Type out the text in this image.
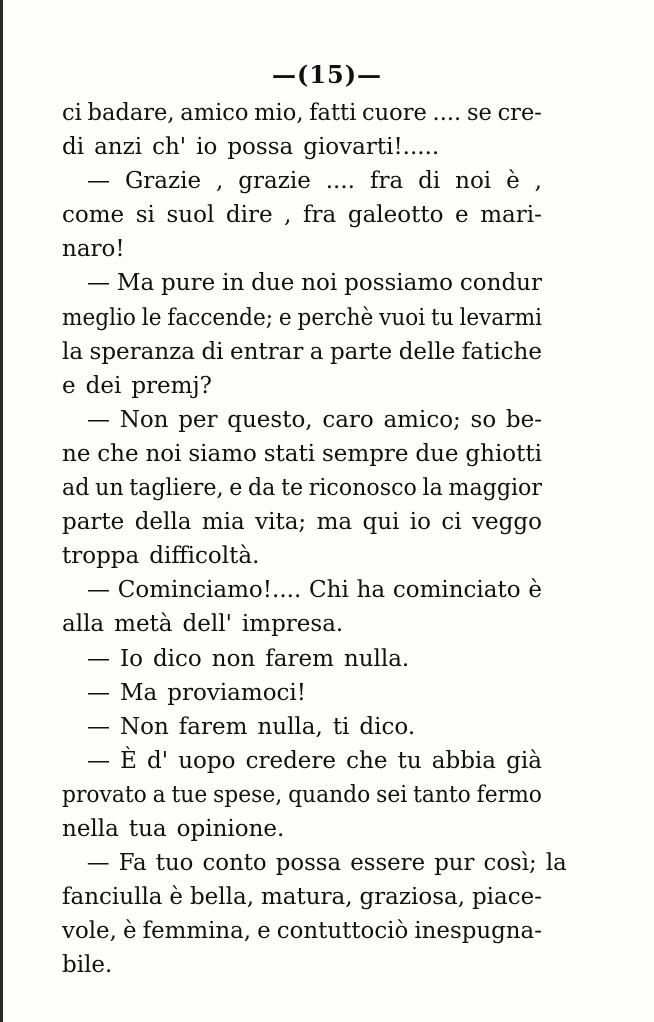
—(15)—
ci badare, amico mio, fatti cuore .... se cre-
di anzi ch' io possa giovarti!.....
— Grazie , grazie .... fra di noi è ,
come si suol dire , fra galeotto e mari-
naro!
— Ma pure in due noi possiamo condur
meglio le faccende; e perchè vuoi tu levarmi
la speranza di entrar a parte delle fatiche
e dei premj?
— Non per questo, caro amico; so be-
ne che noi siamo stati sempre due ghiotti
ad un tagliere, e da te riconosco la maggior
parte della mia vita; ma qui io ci veggo
troppa difficoltà.
— Cominciamo!.... Chi ha cominciato è
alla metà dell' impresa.
— Io dico non farem nulla.
— Ma proviamoci!
— Non farem nulla, ti dico.
— È d' uopo credere che tu abbia già
provato a tue spese, quando sei tanto fermo
nella tua opinione.
— Fa tuo conto possa essere pur così; la
fanciulla è bella, matura, graziosa, piace-
vole, è femmina, e contuttociò inespugna-
bile.
